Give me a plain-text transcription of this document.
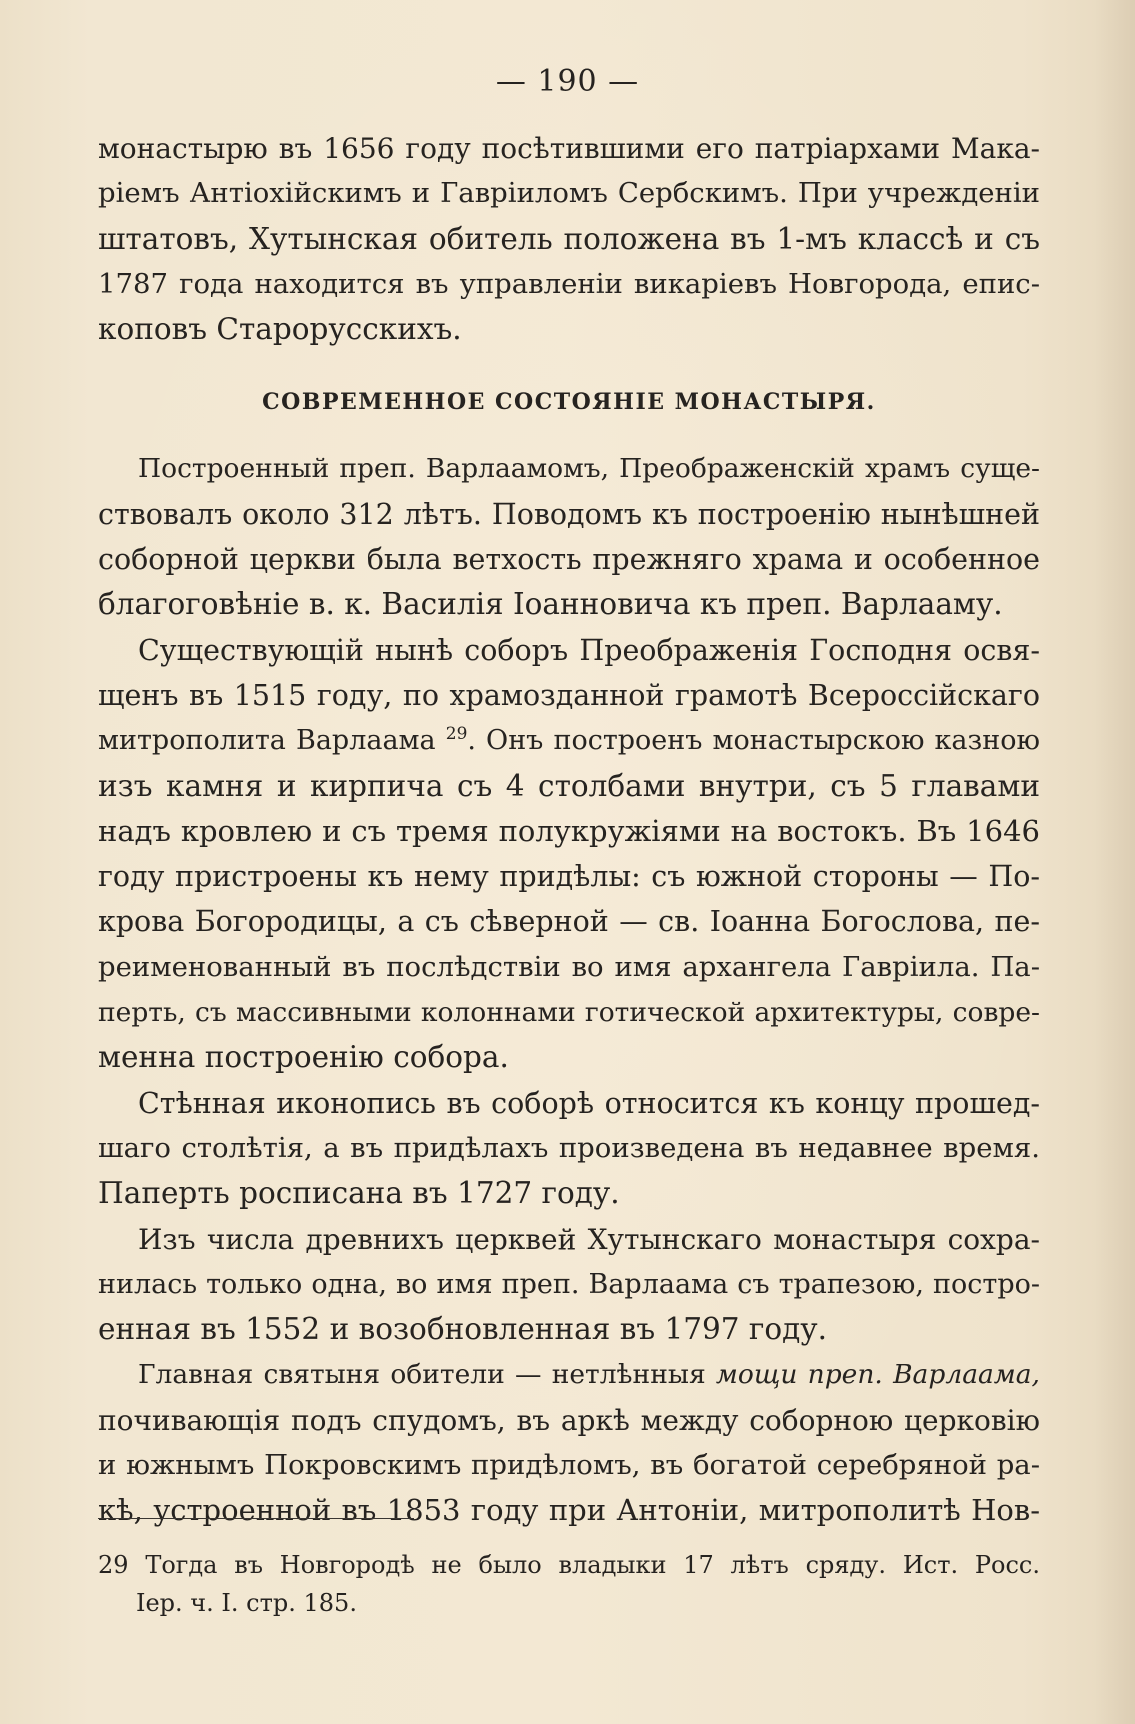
— 190 —
монастырю въ 1656 году посѣтившими его патріархами Мака-
ріемъ Антіохійскимъ и Гавріиломъ Сербскимъ. При учрежденіи
штатовъ, Хутынская обитель положена въ 1-мъ классѣ и съ
1787 года находится въ управленіи викаріевъ Новгорода, епис-
коповъ Старорусскихъ.
СОВРЕМЕННОЕ СОСТОЯНІЕ МОНАСТЫРЯ.
Построенный преп. Варлаамомъ, Преображенскій храмъ суще-
ствовалъ около 312 лѣтъ. Поводомъ къ построенію нынѣшней
соборной церкви была ветхость прежняго храма и особенное
благоговѣніе в. к. Василія Іоанновича къ преп. Варлааму.
Существующій нынѣ соборъ Преображенія Господня освя-
щенъ въ 1515 году, по храмозданной грамотѣ Всероссійскаго
митрополита Варлаама $^{29}$. Онъ построенъ монастырскою казною
изъ камня и кирпича съ 4 столбами внутри, съ 5 главами
надъ кровлею и съ тремя полукружіями на востокъ. Въ 1646
году пристроены къ нему придѣлы: съ южной стороны — По-
крова Богородицы, а съ сѣверной — св. Іоанна Богослова, пе-
реименованный въ послѣдствіи во имя архангела Гавріила. Па-
перть, съ массивными колоннами готической архитектуры, совре-
менна построенію собора.
Стѣнная иконопись въ соборѣ относится къ концу прошед-
шаго столѣтія, а въ придѣлахъ произведена въ недавнее время.
Паперть росписана въ 1727 году.
Изъ числа древнихъ церквей Хутынскаго монастыря сохра-
нилась только одна, во имя преп. Варлаама съ трапезою, постро-
енная въ 1552 и возобновленная въ 1797 году.
Главная святыня обители — нетлѣнныя мощи преп. Варлаама,
почивающія подъ спудомъ, въ аркѣ между соборною церковію
и южнымъ Покровскимъ придѣломъ, въ богатой серебряной ра-
кѣ, устроенной въ 1853 году при Антоніи, митрополитѣ Нов-
29 Тогда въ Новгородѣ не было владыки 17 лѣтъ сряду. Ист. Росс.
Іер. ч. І. стр. 185.
